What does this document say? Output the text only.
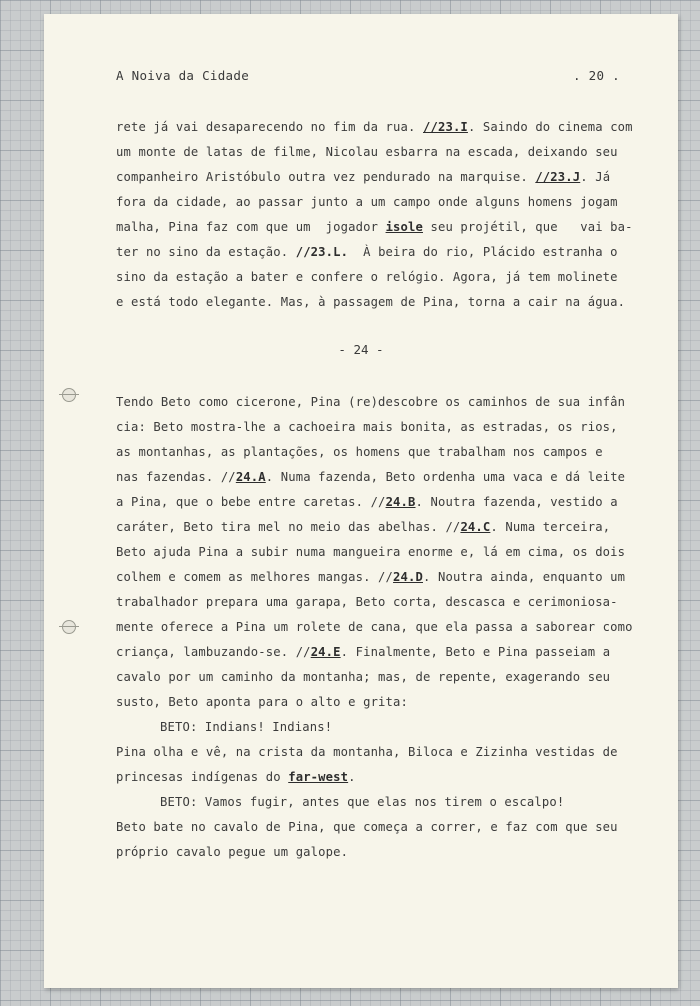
A Noiva da Cidade	. 20 .
rete já vai desaparecendo no fim da rua. //23.I. Saindo do cinema com
um monte de latas de filme, Nicolau esbarra na escada, deixando seu
companheiro Aristóbulo outra vez pendurado na marquise. //23.J. Já
fora da cidade, ao passar junto a um campo onde alguns homens jogam
malha, Pina faz com que um  jogador isole seu projétil, que   vai ba-
ter no sino da estação. //23.L.  À beira do rio, Plácido estranha o
sino da estação a bater e confere o relógio. Agora, já tem molinete
e está todo elegante. Mas, à passagem de Pina, torna a cair na água.
- 24 -
Tendo Beto como cicerone, Pina (re)descobre os caminhos de sua infân
cia: Beto mostra-lhe a cachoeira mais bonita, as estradas, os rios,
as montanhas, as plantações, os homens que trabalham nos campos e
nas fazendas. //24.A. Numa fazenda, Beto ordenha uma vaca e dá leite
a Pina, que o bebe entre caretas. //24.B. Noutra fazenda, vestido a
caráter, Beto tira mel no meio das abelhas. //24.C. Numa terceira,
Beto ajuda Pina a subir numa mangueira enorme e, lá em cima, os dois
colhem e comem as melhores mangas. //24.D. Noutra ainda, enquanto um
trabalhador prepara uma garapa, Beto corta, descasca e cerimoniosa-
mente oferece a Pina um rolete de cana, que ela passa a saborear como
criança, lambuzando-se. //24.E. Finalmente, Beto e Pina passeiam a
cavalo por um caminho da montanha; mas, de repente, exagerando seu
susto, Beto aponta para o alto e grita:
BETO: Indians! Indians!
Pina olha e vê, na crista da montanha, Biloca e Zizinha vestidas de
princesas indígenas do far-west.
BETO: Vamos fugir, antes que elas nos tirem o escalpo!
Beto bate no cavalo de Pina, que começa a correr, e faz com que seu
próprio cavalo pegue um galope.
